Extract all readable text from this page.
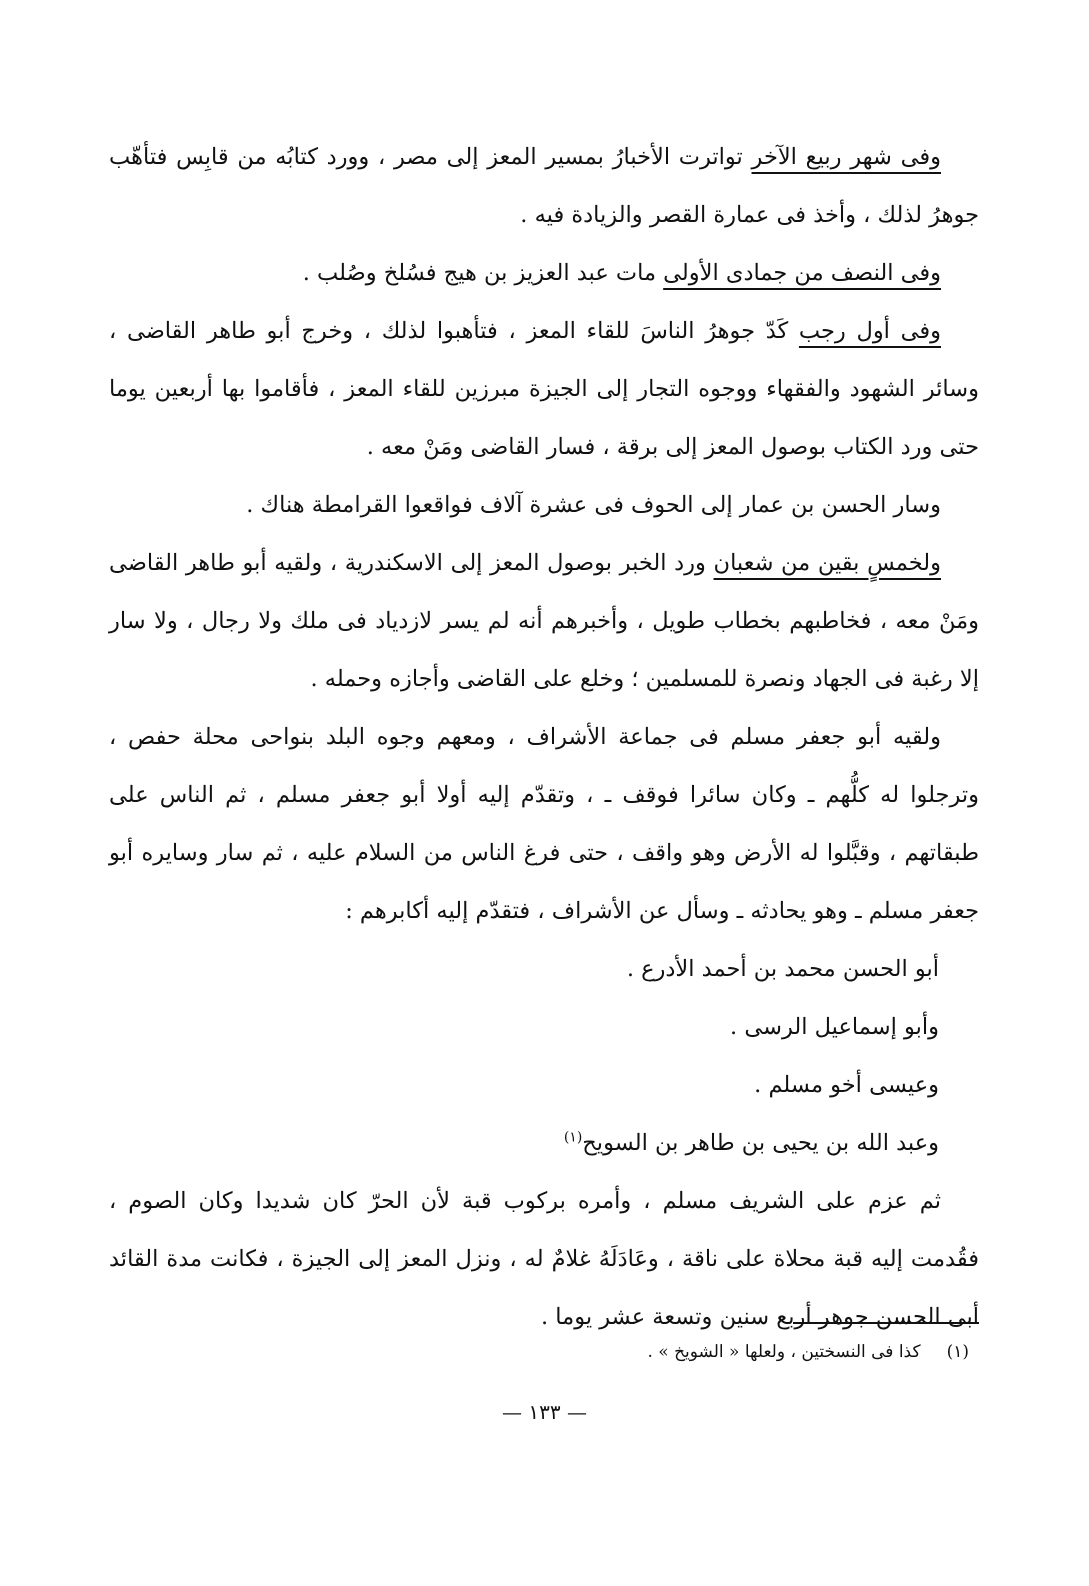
وفى شهر ربيع الآخر تواترت الأخبارُ بمسير المعز إلى مصر ، وورد كتابُه من قابِس فتأهّب جوهرُ لذلك ، وأخذ فى عمارة القصر والزيادة فيه .

وفى النصف من جمادى الأولى مات عبد العزيز بن هيج فسُلخ وصُلب .

وفى أول رجب كَدّ جوهرُ الناسَ للقاء المعز ، فتأهبوا لذلك ، وخرج أبو طاهر القاضى ، وسائر الشهود والفقهاء ووجوه التجار إلى الجيزة مبرزين للقاء المعز ، فأقاموا بها أربعين يوما حتى ورد الكتاب بوصول المعز إلى برقة ، فسار القاضى ومَنْ معه .

وسار الحسن بن عمار إلى الحوف فى عشرة آلاف فواقعوا القرامطة هناك .

ولخمسٍ بقين من شعبان ورد الخبر بوصول المعز إلى الاسكندرية ، ولقيه أبو طاهر القاضى ومَنْ معه ، فخاطبهم بخطاب طويل ، وأخبرهم أنه لم يسر لازدياد فى ملك ولا رجال ، ولا سار إلا رغبة فى الجهاد ونصرة للمسلمين ؛ وخلع على القاضى وأجازه وحمله .

ولقيه أبو جعفر مسلم فى جماعة الأشراف ، ومعهم وجوه البلد بنواحى محلة حفص ، وترجلوا له كلُّهم ـ وكان سائرا فوقف ـ ، وتقدّم إليه أولا أبو جعفر مسلم ، ثم الناس على طبقاتهم ، وقبَّلوا له الأرض وهو واقف ، حتى فرغ الناس من السلام عليه ، ثم سار وسايره أبو جعفر مسلم ـ وهو يحادثه ـ وسأل عن الأشراف ، فتقدّم إليه أكابرهم :

أبو الحسن محمد بن أحمد الأدرع .

وأبو إسماعيل الرسى .

وعيسى أخو مسلم .

وعبد الله بن يحيى بن طاهر بن السويح$^{(١)}$

ثم عزم على الشريف مسلم ، وأمره بركوب قبة لأن الحرّ كان شديدا وكان الصوم ، فقُدمت إليه قبة محلاة على ناقة ، وعَادَلَهُ غلامٌ له ، ونزل المعز إلى الجيزة ، فكانت مدة القائد أبى الحسن جوهر أربع سنين وتسعة عشر يوما .

(١)كذا فى النسختين ، ولعلها « الشويخ » .
— ١٣٣ —
